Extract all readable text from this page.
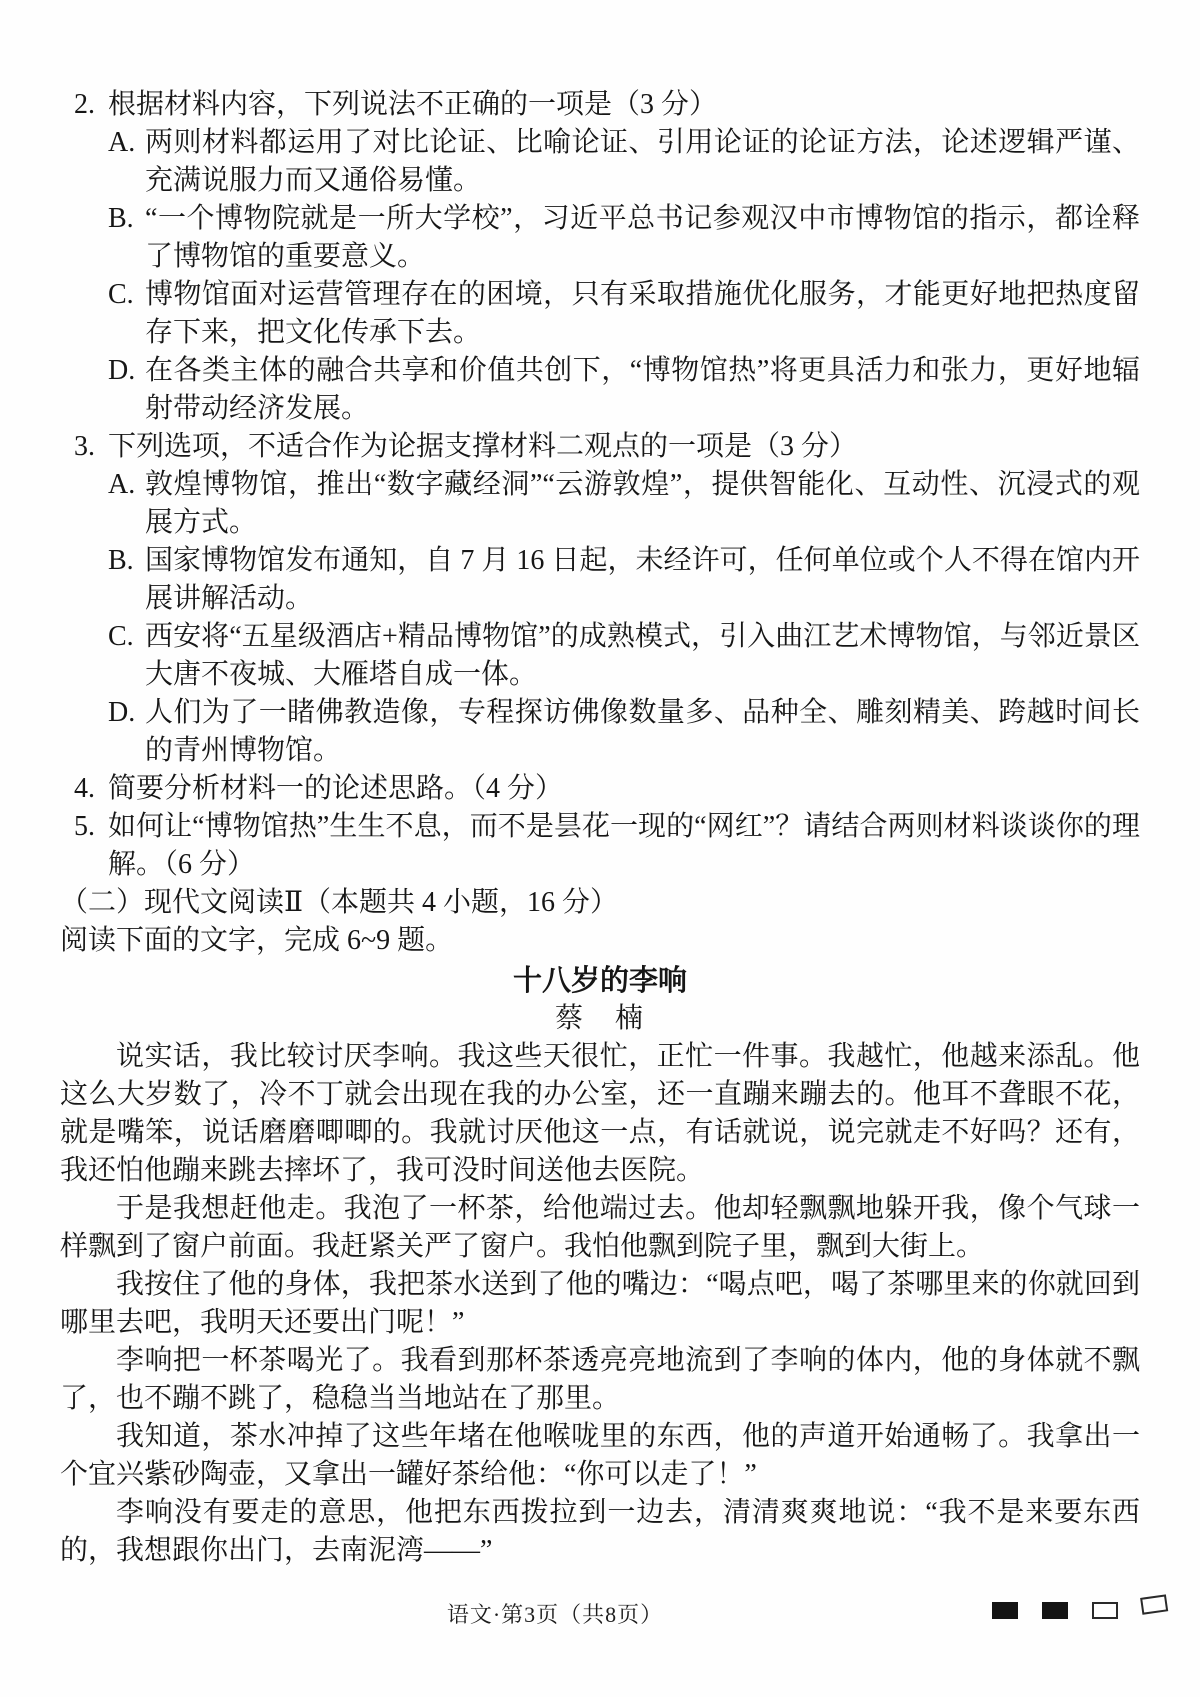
2. 根据材料内容，下列说法不正确的一项是（3 分）
A. 两则材料都运用了对比论证、比喻论证、引用论证的论证方法，论述逻辑严谨、充满说服力而又通俗易懂。
B. “一个博物院就是一所大学校”，习近平总书记参观汉中市博物馆的指示，都诠释了博物馆的重要意义。
C. 博物馆面对运营管理存在的困境，只有采取措施优化服务，才能更好地把热度留存下来，把文化传承下去。
D. 在各类主体的融合共享和价值共创下，“博物馆热”将更具活力和张力，更好地辐射带动经济发展。
3. 下列选项，不适合作为论据支撑材料二观点的一项是（3 分）
A. 敦煌博物馆，推出“数字藏经洞”“云游敦煌”，提供智能化、互动性、沉浸式的观展方式。
B. 国家博物馆发布通知，自 7 月 16 日起，未经许可，任何单位或个人不得在馆内开展讲解活动。
C. 西安将“五星级酒店+精品博物馆”的成熟模式，引入曲江艺术博物馆，与邻近景区大唐不夜城、大雁塔自成一体。
D. 人们为了一睹佛教造像，专程探访佛像数量多、品种全、雕刻精美、跨越时间长的青州博物馆。
4. 简要分析材料一的论述思路。（4 分）
5. 如何让“博物馆热”生生不息，而不是昙花一现的“网红”？请结合两则材料谈谈你的理解。（6 分）
（二）现代文阅读Ⅱ（本题共 4 小题，16 分）
阅读下面的文字，完成 6~9 题。
十八岁的李响
蔡　楠

说实话，我比较讨厌李响。我这些天很忙，正忙一件事。我越忙，他越来添乱。他这么大岁数了，冷不丁就会出现在我的办公室，还一直蹦来蹦去的。他耳不聋眼不花，就是嘴笨，说话磨磨唧唧的。我就讨厌他这一点，有话就说，说完就走不好吗？还有，我还怕他蹦来跳去摔坏了，我可没时间送他去医院。

于是我想赶他走。我泡了一杯茶，给他端过去。他却轻飘飘地躲开我，像个气球一样飘到了窗户前面。我赶紧关严了窗户。我怕他飘到院子里，飘到大街上。

我按住了他的身体，我把茶水送到了他的嘴边：“喝点吧，喝了茶哪里来的你就回到哪里去吧，我明天还要出门呢！”

李响把一杯茶喝光了。我看到那杯茶透亮亮地流到了李响的体内，他的身体就不飘了，也不蹦不跳了，稳稳当当地站在了那里。

我知道，茶水冲掉了这些年堵在他喉咙里的东西，他的声道开始通畅了。我拿出一个宜兴紫砂陶壶，又拿出一罐好茶给他：“你可以走了！”

李响没有要走的意思，他把东西拨拉到一边去，清清爽爽地说：“我不是来要东西的，我想跟你出门，去南泥湾——”

语文·第3页（共8页）
